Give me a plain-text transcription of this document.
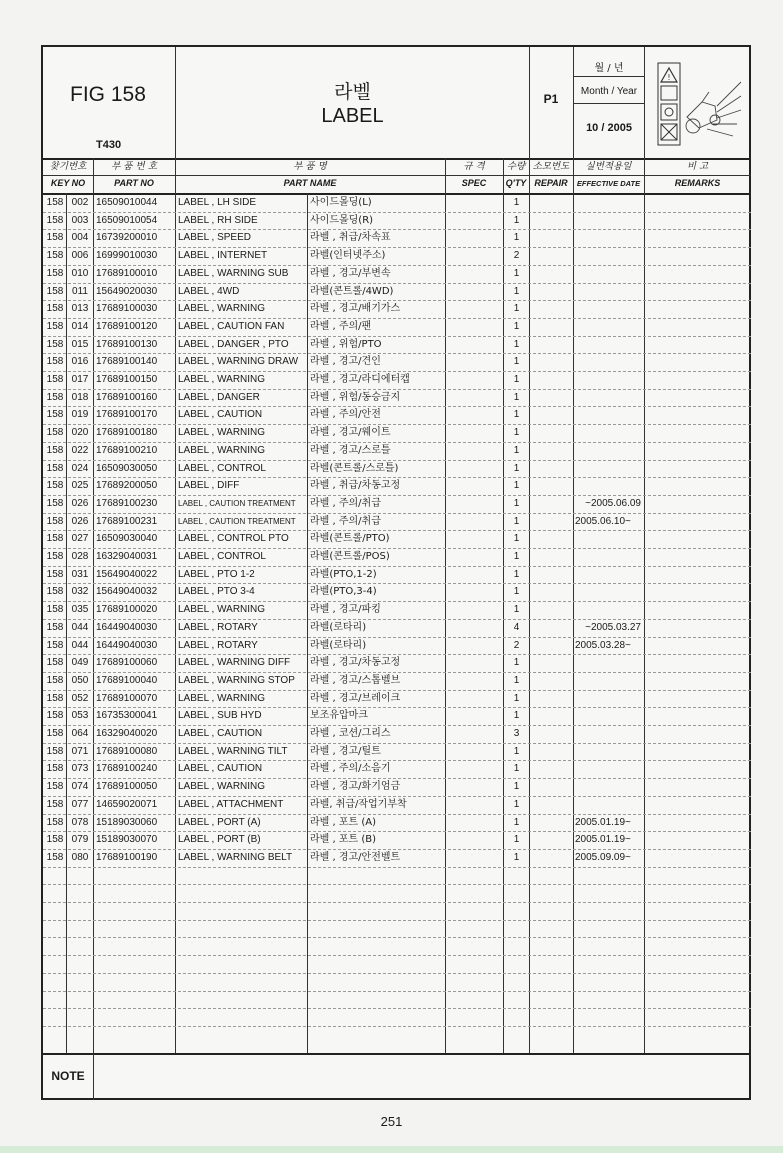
FIG 158
T430
라벨
LABEL
P1
월 / 년
Month / Year
10 / 2005
!
찾기번호
KEY NO
부 품 번 호
PART NO
부 품 명
PART NAME
규 격
SPEC
수량
Q'TY
소모번도
REPAIR
실번적용일
EFFECTIVE DATE
비 고
REMARKS
158 002 16509010044	LABEL , LH SIDE	사이드몰딩(L)	1
158 003 16509010054	LABEL , RH SIDE	사이드몰딩(R)	1
158 004 16739200010	LABEL , SPEED	라벨 , 취급/차속표	1
158 006 16999010030	LABEL , INTERNET	라벨(인터넷주소)	2
158 010 17689100010	LABEL , WARNING SUB	라벨 , 경고/부변속	1
158 011 15649020030	LABEL , 4WD	라벨(콘트롤/4WD)	1
158 013 17689100030	LABEL , WARNING	라벨 , 경고/배기가스	1
158 014 17689100120	LABEL , CAUTION FAN	라벨 , 주의/팬	1
158 015 17689100130	LABEL , DANGER , PTO	라벨 , 위험/PTO	1
158 016 17689100140	LABEL , WARNING DRAW	라벨 , 경고/견인	1
158 017 17689100150	LABEL , WARNING	라벨 , 경고/라디에터캡	1
158 018 17689100160	LABEL , DANGER	라벨 , 위험/동승금지	1
158 019 17689100170	LABEL , CAUTION	라벨 , 주의/안전	1
158 020 17689100180	LABEL , WARNING	라벨 , 경고/웨이트	1
158 022 17689100210	LABEL , WARNING	라벨 , 경고/스로틀	1
158 024 16509030050	LABEL , CONTROL	라벨(콘트롤/스로틀)	1
158 025 17689200050	LABEL , DIFF	라벨 , 취급/차동고정	1
158 026 17689100230	LABEL , CAUTION TREATMENT	라벨 , 주의/취급	1	~2005.06.09
158 026 17689100231	LABEL , CAUTION TREATMENT	라벨 , 주의/취급	1	2005.06.10~
158 027 16509030040	LABEL , CONTROL PTO	라벨(콘트롤/PTO)	1
158 028 16329040031	LABEL , CONTROL	라벨(콘트롤/POS)	1
158 031 15649040022	LABEL , PTO 1-2	라벨(PTO,1-2)	1
158 032 15649040032	LABEL , PTO 3-4	라벨(PTO,3-4)	1
158 035 17689100020	LABEL , WARNING	라벨 , 경고/파킹	1
158 044 16449040030	LABEL , ROTARY	라벨(로타리)	4	~2005.03.27
158 044 16449040030	LABEL , ROTARY	라벨(로타리)	2	2005.03.28~
158 049 17689100060	LABEL , WARNING DIFF	라벨 , 경고/차동고정	1
158 050 17689100040	LABEL , WARNING STOP	라벨 , 경고/스톱벨브	1
158 052 17689100070	LABEL , WARNING	라벨 , 경고/브레이크	1
158 053 16735300041	LABEL , SUB HYD	보조유압마크	1
158 064 16329040020	LABEL , CAUTION	라벨 , 코션/그리스	3
158 071 17689100080	LABEL , WARNING TILT	라벨 , 경고/틸트	1
158 073 17689100240	LABEL , CAUTION	라벨 , 주의/소음기	1
158 074 17689100050	LABEL , WARNING	라벨 , 경고/화기엄금	1
158 077 14659020071	LABEL , ATTACHMENT	라벨, 취급/작업기부착	1
158 078 15189030060	LABEL , PORT (A)	라벨 , 포트 (A)	1	2005.01.19~
158 079 15189030070	LABEL , PORT (B)	라벨 , 포트 (B)	1	2005.01.19~
158 080 17689100190	LABEL , WARNING BELT	라벨 , 경고/안전벨트	1	2005.09.09~
NOTE
251
